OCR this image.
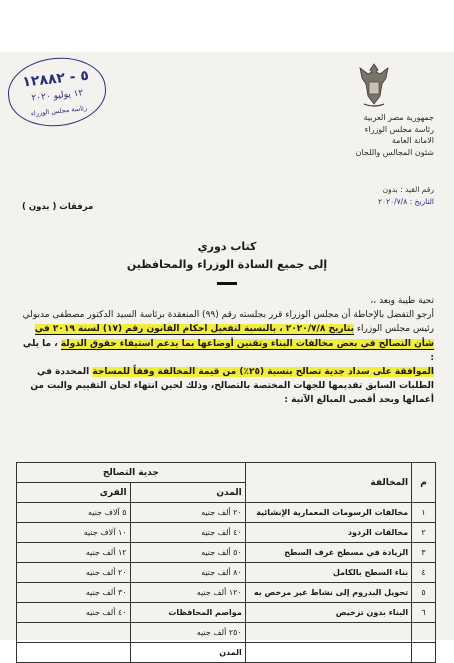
٥ - ١٢٨٨٢
١٢ يوليو ٢٠٢٠
رئاسة مجلس الوزراء	جمهورية مصر العربية
رئاسة مجلس الوزراء
الامانة العامة
شئون المجالس واللجان
رقم القيد : بدون
التاريخ : ٢٠٢٠/٧/٨
مرفقات ( بدون )
كتاب دوري
إلى جميع السادة الوزراء والمحافظين

تحية طيبة وبعد ،،

أرجو التفضل بالإحاطة أن مجلس الوزراء قرر بجلسته رقم (٩٩) المنعقدة برئاسة السيد الدكتور مصطفى مدبولي رئيس مجلس الوزراء بتاريخ ٢٠٢٠/٧/٨ ، بالنسبة لتفعيل احكام القانون رقم (١٧) لسنة ٢٠١٩ في شأن التصالح في بعض مخالفات البناء وتقنين أوضاعها بما يدعم استيفاء حقوق الدولة ، ما يلي :

الموافقة على سداد جدية تصالح بنسبة (٢٥٪) من قيمة المخالفة وفقاً للمساحة المحددة في الطلبات السابق تقديمها للجهات المختصة بالتصالح، وذلك لحين انتهاء لجان التقييم والبت من أعمالها وبحد أقصى المبالغ الآتية :

م	المخالفة	جدية التصالح	
		المدن	القرى
١	مخالفات الرسومات المعمارية الإنشائية	٢٠ ألف جنيه	٥ آلاف جنيه
٢	مخالفات الردود	٤٠ ألف جنيه	١٠ آلاف جنيه
٣	الزيادة في مسطح غرف السطح	٥٠ ألف جنيه	١٢ ألف جنيه
٤	بناء السطح بالكامل	٨٠ ألف جنيه	٢٠ ألف جنيه
٥	تحويل البدروم إلى نشاط غير مرخص به	١٢٠ ألف جنيه	٣٠ ألف جنيه
٦	البناء بدون ترخيص	مواصم المحافظات	٤٠ ألف جنيه
		٢٥٠ ألف جنيه	
		المدن	
